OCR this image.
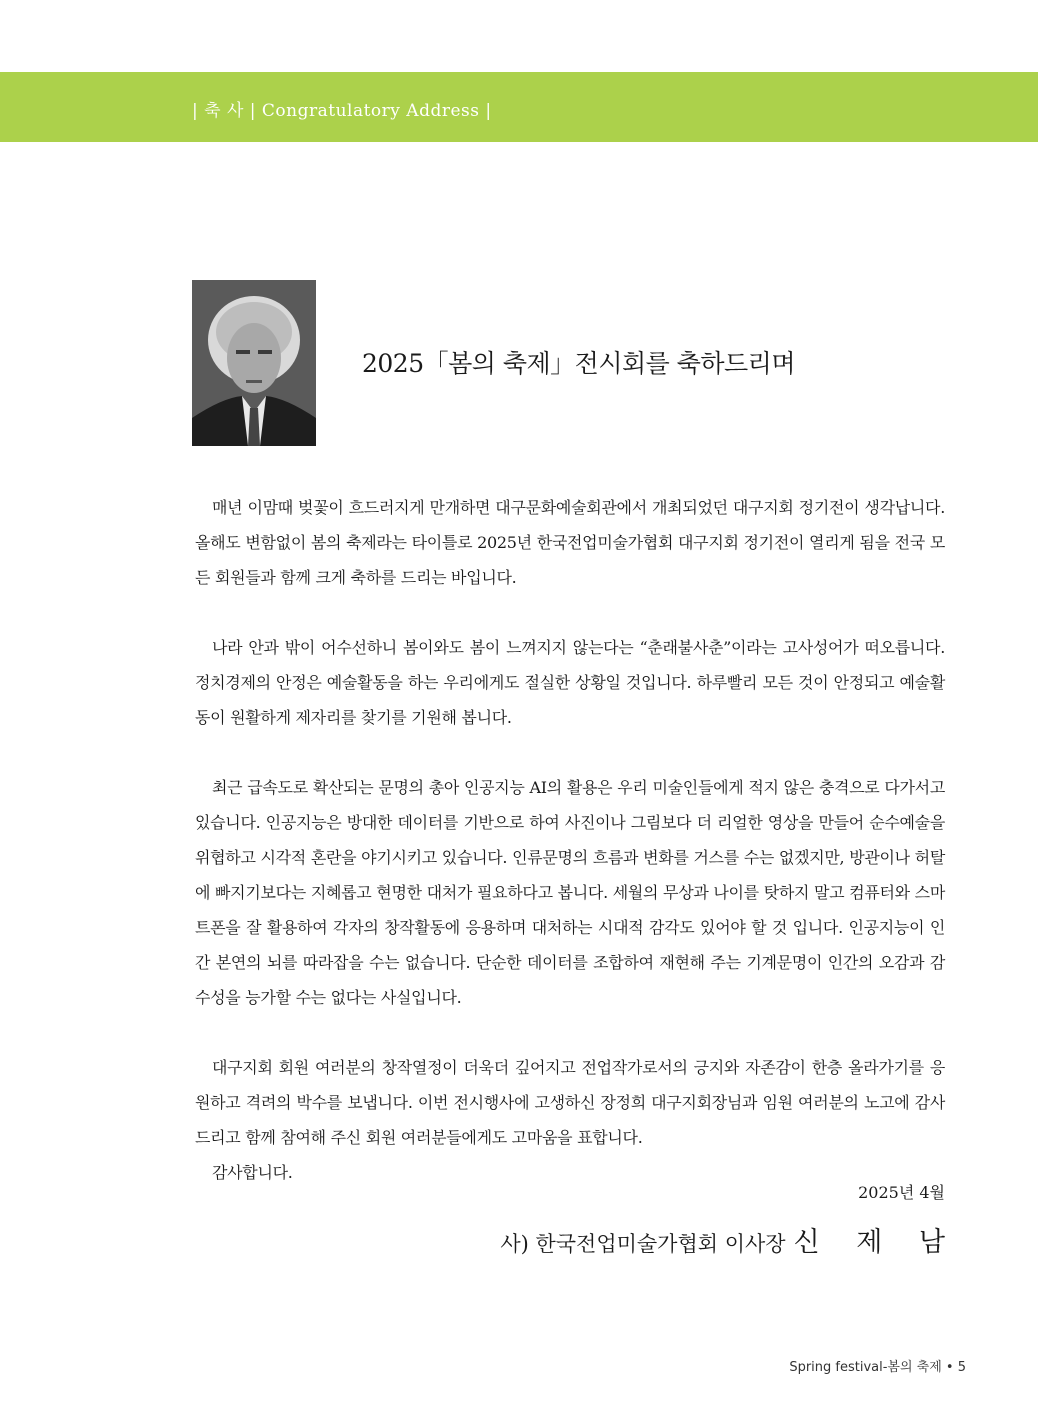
| 축 사 | Congratulatory Address |
2025「봄의 축제」전시회를 축하드리며

매년 이맘때 벚꽃이 흐드러지게 만개하면 대구문화예술회관에서 개최되었던 대구지회 정기전이 생각납니다. 올해도 변함없이 봄의 축제라는 타이틀로 2025년 한국전업미술가협회 대구지회 정기전이 열리게 됨을 전국 모든 회원들과 함께 크게 축하를 드리는 바입니다.

나라 안과 밖이 어수선하니 봄이와도 봄이 느껴지지 않는다는 “춘래불사춘”이라는 고사성어가 떠오릅니다. 정치경제의 안정은 예술활동을 하는 우리에게도 절실한 상황일 것입니다. 하루빨리 모든 것이 안정되고 예술활동이 원활하게 제자리를 찾기를 기원해 봅니다.

최근 급속도로 확산되는 문명의 총아 인공지능 AI의 활용은 우리 미술인들에게 적지 않은 충격으로 다가서고 있습니다. 인공지능은 방대한 데이터를 기반으로 하여 사진이나 그림보다 더 리얼한 영상을 만들어 순수예술을 위협하고 시각적 혼란을 야기시키고 있습니다. 인류문명의 흐름과 변화를 거스를 수는 없겠지만, 방관이나 허탈에 빠지기보다는 지혜롭고 현명한 대처가 필요하다고 봅니다. 세월의 무상과 나이를 탓하지 말고 컴퓨터와 스마트폰을 잘 활용하여 각자의 창작활동에 응용하며 대처하는 시대적 감각도 있어야 할 것 입니다. 인공지능이 인간 본연의 뇌를 따라잡을 수는 없습니다. 단순한 데이터를 조합하여 재현해 주는 기계문명이 인간의 오감과 감수성을 능가할 수는 없다는 사실입니다.

대구지회 회원 여러분의 창작열정이 더욱더 깊어지고 전업작가로서의 긍지와 자존감이 한층 올라가기를 응원하고 격려의 박수를 보냅니다. 이번 전시행사에 고생하신 장정희 대구지회장님과 임원 여러분의 노고에 감사드리고 함께 참여해 주신 회원 여러분들에게도 고마움을 표합니다.

감사합니다.

2025년 4월
사) 한국전업미술가협회 이사장 신 제 남
Spring festival-봄의 축제 • 5
